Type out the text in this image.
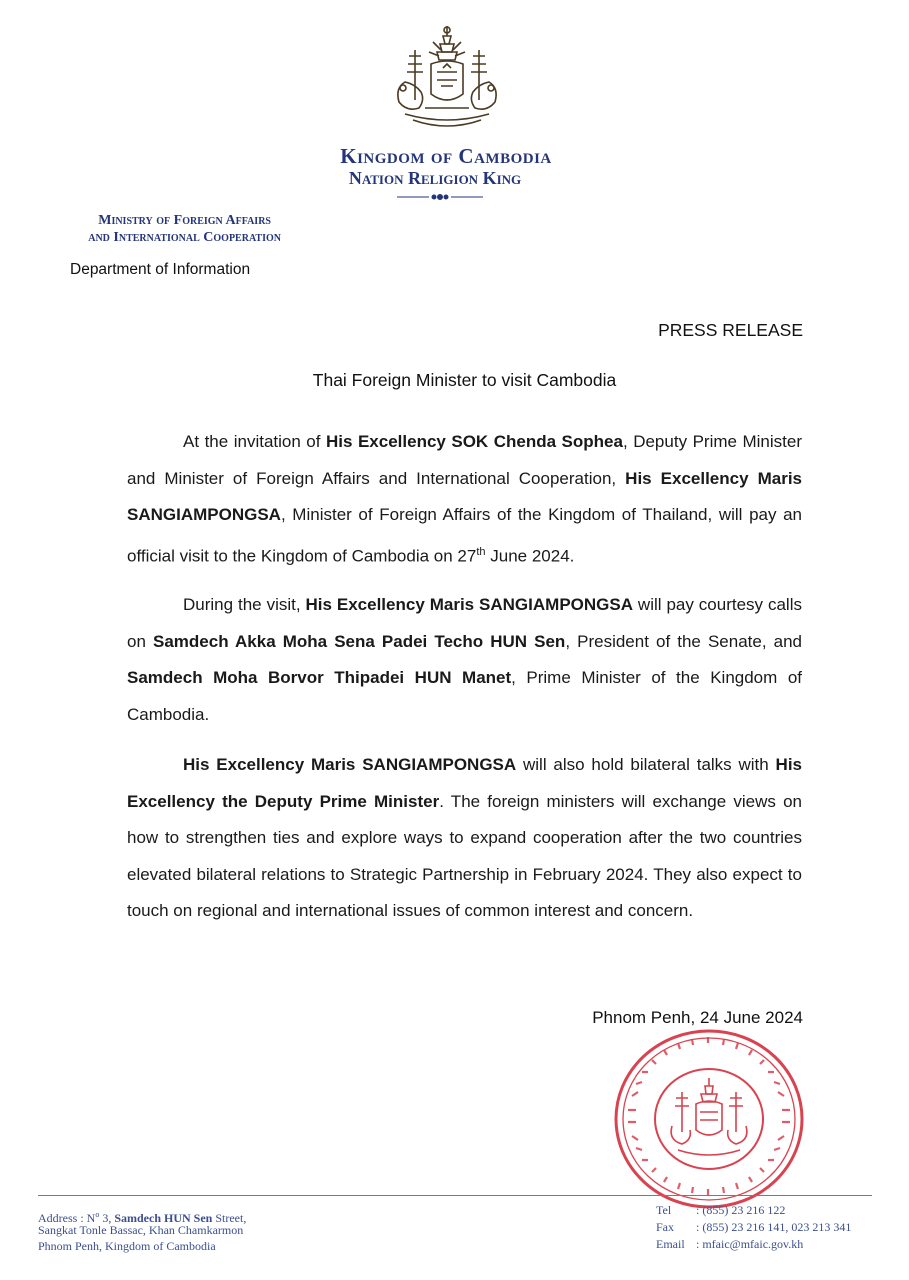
Kingdom of Cambodia
Nation Religion King
Ministry of Foreign Affairs
and International Cooperation
Department of Information
PRESS RELEASE
Thai Foreign Minister to visit Cambodia
At the invitation of His Excellency SOK Chenda Sophea, Deputy Prime Minister and Minister of Foreign Affairs and International Cooperation, His Excellency Maris SANGIAMPONGSA, Minister of Foreign Affairs of the Kingdom of Thailand, will pay an official visit to the Kingdom of Cambodia on 27th June 2024.
During the visit, His Excellency Maris SANGIAMPONGSA will pay courtesy calls on Samdech Akka Moha Sena Padei Techo HUN Sen, President of the Senate, and Samdech Moha Borvor Thipadei HUN Manet, Prime Minister of the Kingdom of Cambodia.
His Excellency Maris SANGIAMPONGSA will also hold bilateral talks with His Excellency the Deputy Prime Minister. The foreign ministers will exchange views on how to strengthen ties and explore ways to expand cooperation after the two countries elevated bilateral relations to Strategic Partnership in February 2024. They also expect to touch on regional and international issues of common interest and concern.
Phnom Penh, 24 June 2024
Address : $N^o$ 3, Samdech HUN Sen Street,
Sangkat Tonle Bassac, Khan Chamkarmon
Phnom Penh, Kingdom of Cambodia
Tel : (855) 23 216 122
Fax : (855) 23 216 141, 023 213 341
Email : mfaic@mfaic.gov.kh
